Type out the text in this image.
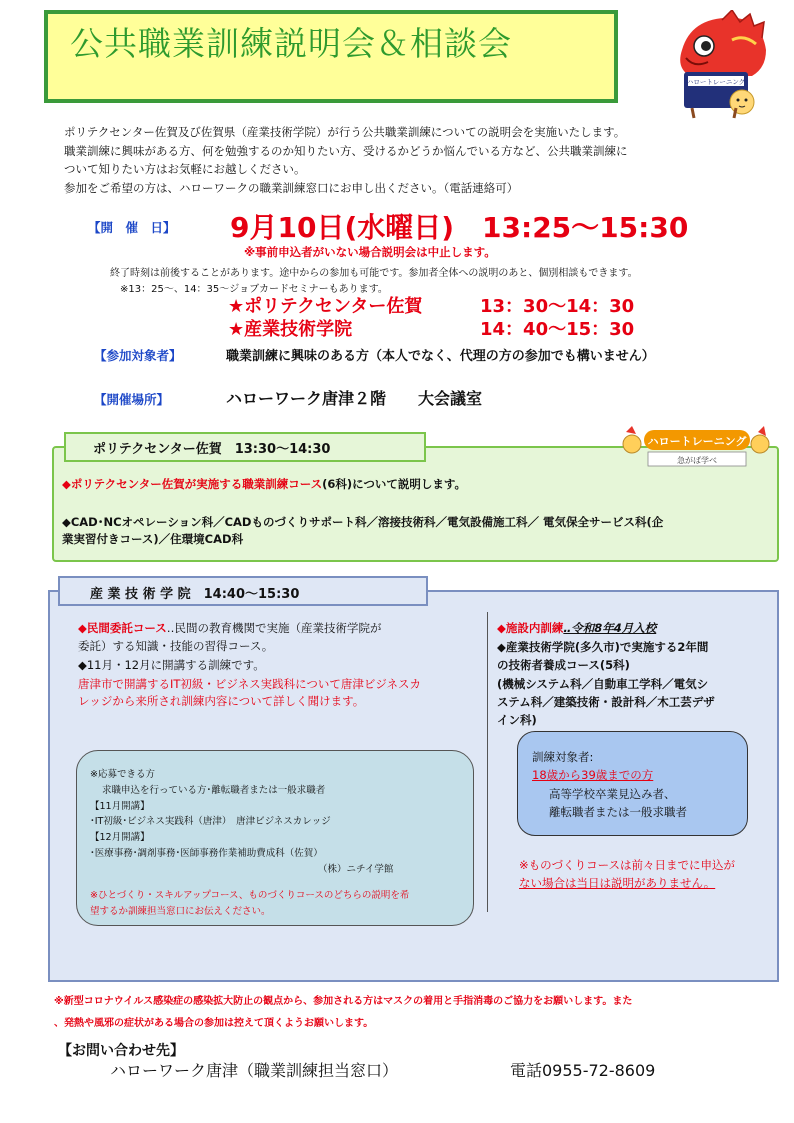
公共職業訓練説明会＆相談会
ハロートレーニング
ポリテクセンター佐賀及び佐賀県（産業技術学院）が行う公共職業訓練についての説明会を実施いたします。
職業訓練に興味がある方、何を勉強するのか知りたい方、受けるかどうか悩んでいる方など、公共職業訓練に
ついて知りたい方はお気軽にお越しください。
参加をご希望の方は、ハローワークの職業訓練窓口にお申し出ください。（電話連絡可）
【開　催　日】 9月10日(水曜日)　13:25〜15:30
※事前申込者がいない場合説明会は中止します。
終了時刻は前後することがあります。途中からの参加も可能です。参加者全体への説明のあと、個別相談もできます。
※13：25〜、14：35〜ジョブカードセミナーもあります。
★ポリテクセンター佐賀	13：30〜14：30
★産業技術学院	14：40〜15：30
【参加対象者】	職業訓練に興味のある方（本人でなく、代理の方の参加でも構いません）
【開催場所】	ハローワーク唐津２階　　大会議室
ポリテクセンター佐賀　13:30〜14:30
ハロートレーニング
急がば学べ
◆ポリテクセンター佐賀が実施する職業訓練コース(6科)について説明します。
◆CAD･NCオペレーション科／CADものづくりサポート科／溶接技術科／電気設備施工科／ 電気保全サービス科(企
業実習付きコース)／住環境CAD科
産 業 技 術 学 院　14:40〜15:30
◆民間委託コース‥民間の教育機関で実施（産業技術学院が
委託）する知識・技能の習得コース。
◆11月・12月に開講する訓練です。
唐津市で開講するIT初級・ビジネス実践科について唐津ビジネスカ
レッジから来所され訓練内容について詳しく聞けます。
※応募できる方
求職申込を行っている方･離転職者または一般求職者
【11月開講】
･IT初級･ビジネス実践科（唐津）　唐津ビジネスカレッジ
【12月開講】
･医療事務･調剤事務･医師事務作業補助費成科（佐賀）
（株）ニチイ学館
※ひとづくり・スキルアップコース、ものづくりコースのどちらの説明を希
望するか訓練担当窓口にお伝えください。
◆施設内訓練‥令和8年4月入校
◆産業技術学院(多久市)で実施する2年間
の技術者養成コース(5科)
(機械システム科／自動車工学科／電気シ
ステム科／建築技術・設計科／木工芸デザ
イン科)
訓練対象者:
18歳から39歳までの方
高等学校卒業見込み者、
離転職者または一般求職者
※ものづくりコースは前々日までに申込が
ない場合は当日は説明がありません。
※新型コロナウイルス感染症の感染拡大防止の観点から、参加される方はマスクの着用と手指消毒のご協力をお願いします。また
、発熱や風邪の症状がある場合の参加は控えて頂くようお願いします。
【お問い合わせ先】
ハローワーク唐津（職業訓練担当窓口）	電話0955-72-8609
